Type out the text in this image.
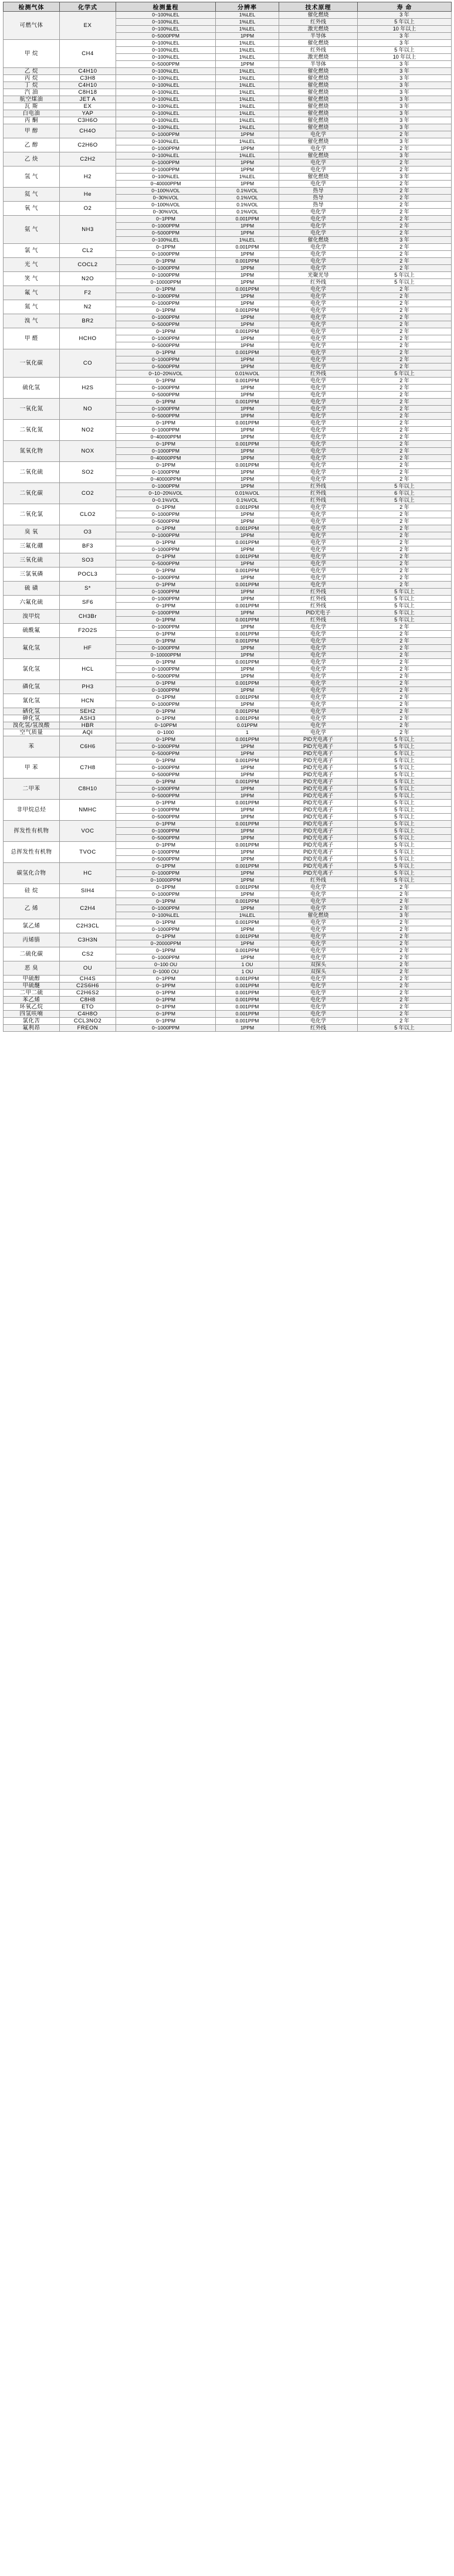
检测气体	化学式	检测量程	分辨率	技术原理	寿 命
可燃气体	EX	0~100%LEL	1%LEL	催化燃烧	3 年
		0~100%LEL	1%LEL	红外线	5 年以上
		0~100%LEL	1%LEL	激光燃烧	10 年以上
		0~5000PPM	1PPM	半导体	3 年
甲 烷	CH4	0~100%LEL	1%LEL	催化燃烧	3 年
		0~100%LEL	1%LEL	红外线	5 年以上
		0~100%LEL	1%LEL	激光燃烧	10 年以上
		0~5000PPM	1PPM	半导体	3 年
乙 烷	C4H10	0~100%LEL	1%LEL	催化燃烧	3 年
丙 烷	C3H8	0~100%LEL	1%LEL	催化燃烧	3 年
丁 烷	C4H10	0~100%LEL	1%LEL	催化燃烧	3 年
汽 油	C8H18	0~100%LEL	1%LEL	催化燃烧	3 年
航空煤油	JET A	0~100%LEL	1%LEL	催化燃烧	3 年
瓦 斯	EX	0~100%LEL	1%LEL	催化燃烧	3 年
白电油	YAP	0~100%LEL	1%LEL	催化燃烧	3 年
丙 酮	C3H6O	0~100%LEL	1%LEL	催化燃烧	3 年
甲 醇	CH4O	0~100%LEL	1%LEL	催化燃烧	3 年
		0~1000PPM	1PPM	电化学	2 年
乙 醇	C2H6O	0~100%LEL	1%LEL	催化燃烧	3 年
		0~1000PPM	1PPM	电化学	2 年
乙 炔	C2H2	0~100%LEL	1%LEL	催化燃烧	3 年
		0~1000PPM	1PPM	电化学	2 年
氢 气	H2	0~1000PPM	1PPM	电化学	2 年
		0~100%LEL	1%LEL	催化燃烧	3 年
		0~40000PPM	1PPM	电化学	2 年
氦 气	He	0~100%VOL	0.1%VOL	热导	2 年
		0~30%VOL	0.1%VOL	热导	2 年
氧 气	O2	0~100%VOL	0.1%VOL	热导	2 年
		0~30%VOL	0.1%VOL	电化学	2 年
氨 气	NH3	0~1PPM	0.001PPM	电化学	2 年
		0~1000PPM	1PPM	电化学	2 年
		0~5000PPM	1PPM	电化学	2 年
		0~100%LEL	1%LEL	催化燃烧	3 年
氯 气	CL2	0~1PPM	0.001PPM	电化学	2 年
		0~1000PPM	1PPM	电化学	2 年
光 气	COCL2	0~1PPM	0.001PPM	电化学	2 年
		0~1000PPM	1PPM	电化学	2 年
笑 气	N2O	0~1000PPM	1PPM	光聚光导	5 年以上
		0~10000PPM	1PPM	红外线	5 年以上
氟 气	F2	0~1PPM	0.001PPM	电化学	2 年
		0~1000PPM	1PPM	电化学	2 年
氮 气	N2	0~1000PPM	1PPM	电化学	2 年
		0~1PPM	0.001PPM	电化学	2 年
溴 气	BR2	0~1000PPM	1PPM	电化学	2 年
		0~5000PPM	1PPM	电化学	2 年
甲 醛	HCHO	0~1PPM	0.001PPM	电化学	2 年
		0~1000PPM	1PPM	电化学	2 年
		0~5000PPM	1PPM	电化学	2 年
一氧化碳	CO	0~1PPM	0.001PPM	电化学	2 年
		0~1000PPM	1PPM	电化学	2 年
		0~5000PPM	1PPM	电化学	2 年
		0~10~20%VOL	0.01%VOL	红外线	5 年以上
硫化氢	H2S	0~1PPM	0.001PPM	电化学	2 年
		0~1000PPM	1PPM	电化学	2 年
		0~5000PPM	1PPM	电化学	2 年
一氧化氮	NO	0~1PPM	0.001PPM	电化学	2 年
		0~1000PPM	1PPM	电化学	2 年
		0~5000PPM	1PPM	电化学	2 年
二氧化氮	NO2	0~1PPM	0.001PPM	电化学	2 年
		0~1000PPM	1PPM	电化学	2 年
		0~40000PPM	1PPM	电化学	2 年
氮氧化物	NOX	0~1PPM	0.001PPM	电化学	2 年
		0~1000PPM	1PPM	电化学	2 年
		0~40000PPM	1PPM	电化学	2 年
二氧化硫	SO2	0~1PPM	0.001PPM	电化学	2 年
		0~1000PPM	1PPM	电化学	2 年
		0~40000PPM	1PPM	电化学	2 年
二氧化碳	CO2	0~1000PPM	1PPM	红外线	5 年以上
		0~10~20%VOL	0.01%VOL	红外线	6 年以上
		0~0.1%VOL	0.1%VOL	红外线	5 年以上
二氧化氯	CLO2	0~1PPM	0.001PPM	电化学	2 年
		0~1000PPM	1PPM	电化学	2 年
		0~5000PPM	1PPM	电化学	2 年
臭 氧	O3	0~1PPM	0.001PPM	电化学	2 年
		0~1000PPM	1PPM	电化学	2 年
三氟化硼	BF3	0~1PPM	0.001PPM	电化学	2 年
		0~1000PPM	1PPM	电化学	2 年
三氧化硫	SO3	0~1PPM	0.001PPM	电化学	2 年
		0~5000PPM	1PPM	电化学	2 年
三氯氧磷	POCL3	0~1PPM	0.001PPM	电化学	2 年
		0~1000PPM	1PPM	电化学	2 年
硫 磺	S*	0~1PPM	0.001PPM	电化学	2 年
		0~1000PPM	1PPM	红外线	5 年以上
六氟化硫	SF6	0~1000PPM	1PPM	红外线	5 年以上
		0~1PPM	0.001PPM	红外线	5 年以上
溴甲烷	CH3Br	0~1000PPM	1PPM	PID光电子	5 年以上
		0~1PPM	0.001PPM	红外线	5 年以上
硫酰氟	F2O2S	0~1000PPM	1PPM	电化学	2 年
		0~1PPM	0.001PPM	电化学	2 年
氟化氢	HF	0~1PPM	0.001PPM	电化学	2 年
		0~1000PPM	1PPM	电化学	2 年
		0~10000PPM	1PPM	电化学	2 年
氯化氢	HCL	0~1PPM	0.001PPM	电化学	2 年
		0~1000PPM	1PPM	电化学	2 年
		0~5000PPM	1PPM	电化学	2 年
磷化氢	PH3	0~1PPM	0.001PPM	电化学	2 年
		0~1000PPM	1PPM	电化学	2 年
氰化氢	HCN	0~1PPM	0.001PPM	电化学	2 年
		0~1000PPM	1PPM	电化学	2 年
硒化氢	SEH2	0~1PPM	0.001PPM	电化学	2 年
砷化氢	ASH3	0~1PPM	0.001PPM	电化学	2 年
溴化氢/氢溴酸	HBR	0~10PPM	0.01PPM	电化学	2 年
空气质量	AQI	0~1000	1	电化学	2 年
苯	C6H6	0~1PPM	0.001PPM	PID光电离子	5 年以上
		0~1000PPM	1PPM	PID光电离子	5 年以上
		0~5000PPM	1PPM	PID光电离子	5 年以上
甲 苯	C7H8	0~1PPM	0.001PPM	PID光电离子	5 年以上
		0~1000PPM	1PPM	PID光电离子	5 年以上
		0~5000PPM	1PPM	PID光电离子	5 年以上
二甲苯	C8H10	0~1PPM	0.001PPM	PID光电离子	5 年以上
		0~1000PPM	1PPM	PID光电离子	5 年以上
		0~5000PPM	1PPM	PID光电离子	5 年以上
非甲烷总烃	NMHC	0~1PPM	0.001PPM	PID光电离子	5 年以上
		0~1000PPM	1PPM	PID光电离子	5 年以上
		0~5000PPM	1PPM	PID光电离子	5 年以上
挥发性有机物	VOC	0~1PPM	0.001PPM	PID光电离子	5 年以上
		0~1000PPM	1PPM	PID光电离子	5 年以上
		0~5000PPM	1PPM	PID光电离子	5 年以上
总挥发性有机物	TVOC	0~1PPM	0.001PPM	PID光电离子	5 年以上
		0~1000PPM	1PPM	PID光电离子	5 年以上
		0~5000PPM	1PPM	PID光电离子	5 年以上
碳氢化合物	HC	0~1PPM	0.001PPM	PID光电离子	5 年以上
		0~1000PPM	1PPM	PID光电离子	5 年以上
		0~10000PPM	1PPM	红外线	5 年以上
硅 烷	SIH4	0~1PPM	0.001PPM	电化学	2 年
		0~1000PPM	1PPM	电化学	2 年
乙 烯	C2H4	0~1PPM	0.001PPM	电化学	2 年
		0~1000PPM	1PPM	电化学	2 年
		0~100%LEL	1%LEL	催化燃烧	3 年
氯乙烯	C2H3CL	0~1PPM	0.001PPM	电化学	2 年
		0~1000PPM	1PPM	电化学	2 年
丙烯腈	C3H3N	0~1PPM	0.001PPM	电化学	2 年
		0~20000PPM	1PPM	电化学	2 年
二硫化碳	CS2	0~1PPM	0.001PPM	电化学	2 年
		0~1000PPM	1PPM	电化学	2 年
恶 臭	OU	0~100 OU	1 OU	双探头	2 年
		0~1000 OU	1 OU	双探头	2 年
甲硫醇	CH4S	0~1PPM	0.001PPM	电化学	2 年
甲硫醚	C2S6H6	0~1PPM	0.001PPM	电化学	2 年
二甲二硫	C2H6S2	0~1PPM	0.001PPM	电化学	2 年
苯乙烯	C8H8	0~1PPM	0.001PPM	电化学	2 年
环氧乙烷	ETO	0~1PPM	0.001PPM	电化学	2 年
四氢呋喃	C4H8O	0~1PPM	0.001PPM	电化学	2 年
氯化苦	CCL3NO2	0~1PPM	0.001PPM	电化学	2 年
氟利昂	FREON	0~1000PPM	1PPM	红外线	5 年以上
